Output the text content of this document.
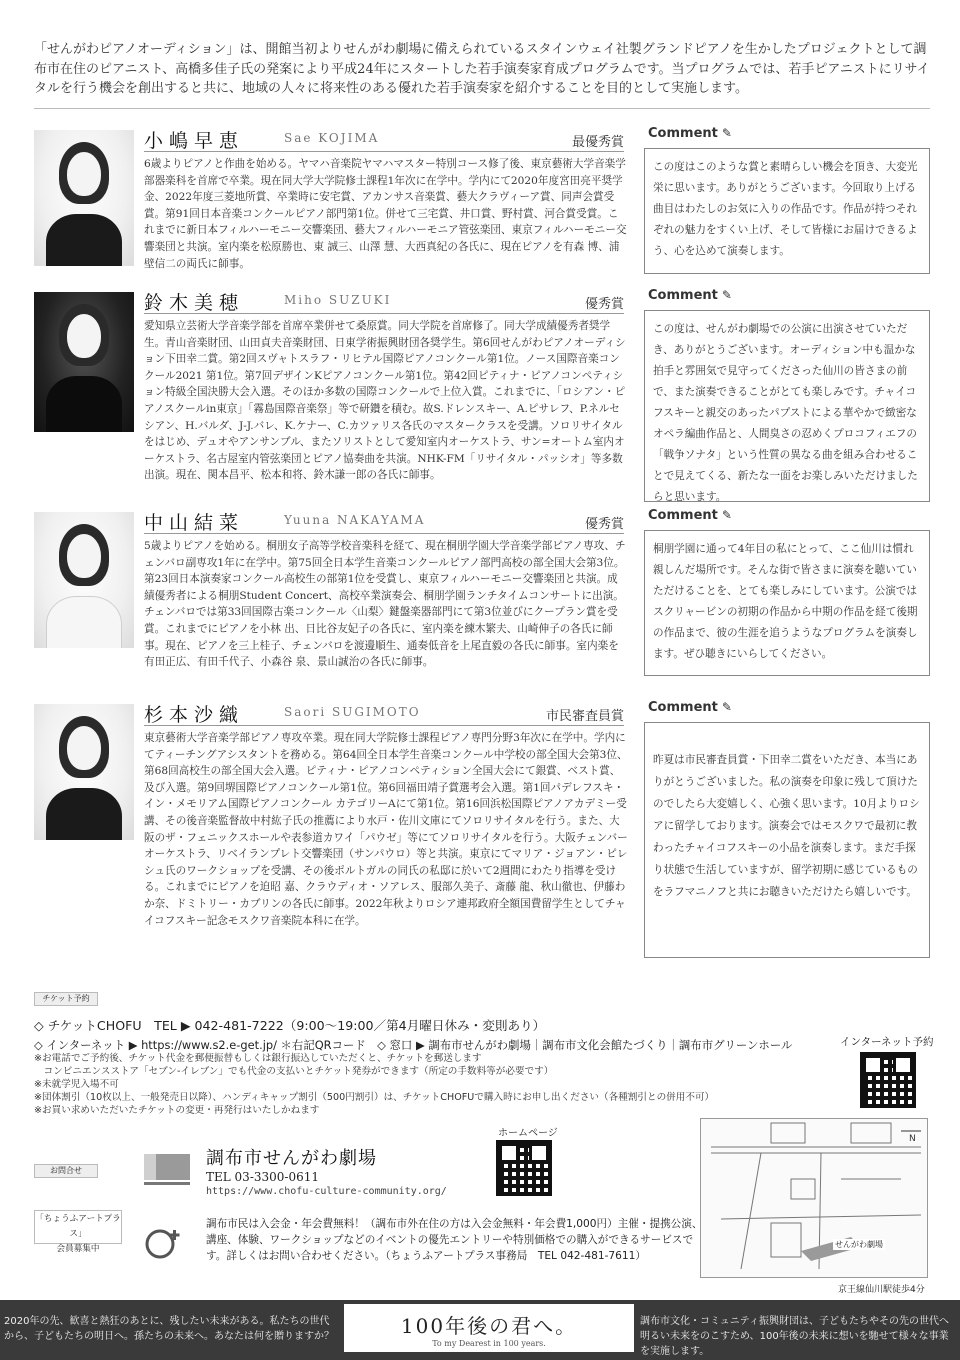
「せんがわピアノオーディション」は、開館当初よりせんがわ劇場に備えられているスタインウェイ社製グランドピアノを生かしたプロジェクトとして調布市在住のピアニスト、高橋多佳子氏の発案により平成24年にスタートした若手演奏家育成プログラムです。当プログラムでは、若手ピアニストにリサイタルを行う機会を創出すると共に、地域の人々に将来性のある優れた若手演奏家を紹介することを目的として実施します。

小嶋早恵	Sae KOJIMA	最優秀賞

6歳よりピアノと作曲を始める。ヤマハ音楽院ヤマハマスター特別コース修了後、東京藝術大学音楽学部器楽科を首席で卒業。現在同大学大学院修士課程1年次に在学中。学内にて2020年度宮田亮平奨学金、2022年度三菱地所賞、卒業時に安宅賞、アカンサス音楽賞、藝大クラヴィーア賞、同声会賞受賞。第91回日本音楽コンクールピアノ部門第1位。併せて三宅賞、井口賞、野村賞、河合賞受賞。これまでに新日本フィルハーモニー交響楽団、藝大フィルハーモニア管弦楽団、東京フィルハーモニー交響楽団と共演。室内楽を松原勝也、東 誠三、山澤 慧、大西真紀の各氏に、現在ピアノを有森 博、浦壁信二の両氏に師事。

Comment ✎

この度はこのような賞と素晴らしい機会を頂き、大変光栄に思います。ありがとうございます。今回取り上げる曲目はわたしのお気に入りの作品です。作品が持つそれぞれの魅力をすくい上げ、そして皆様にお届けできるよう、心を込めて演奏します。

鈴木美穂	Miho SUZUKI	優秀賞

愛知県立芸術大学音楽学部を首席卒業併せて桑原賞。同大学院を首席修了。同大学成績優秀者奨学生。青山音楽財団、山田貞夫音楽財団、日東学術振興財団各奨学生。第6回せんがわピアノオーディション下田幸二賞。第2回スヴャトスラフ・リヒテル国際ピアノコンクール第1位。ノース国際音楽コンクール2021 第1位。第7回デザインKピアノコンクール第1位。第42回ピティナ・ピアノコンペティション特級全国決勝大会入選。そのほか多数の国際コンクールで上位入賞。これまでに、「ロシアン・ピアノスクールin東京」「霧島国際音楽祭」等で研鑽を積む。故S.ドレンスキー、A.ピサレフ、P.ネルセシアン、H.バルダ、J-J.バレ、K.ケナー、C.カツァリス各氏のマスタークラスを受講。ソロリサイタルをはじめ、デュオやアンサンブル、またソリストとして愛知室内オーケストラ、サン=オートム室内オーケストラ、名古屋室内管弦楽団とピアノ協奏曲を共演。NHK-FM「リサイタル・パッシオ」等多数出演。現在、関本昌平、松本和将、鈴木謙一郎の各氏に師事。

Comment ✎

この度は、せんがわ劇場での公演に出演させていただき、ありがとうございます。オーディション中も温かな拍手と雰囲気で見守ってくださった仙川の皆さまの前で、また演奏できることがとても楽しみです。チャイコフスキーと親交のあったパプストによる華やかで緻密なオペラ編曲作品と、人間臭さの忍めくプロコフィエフの「戦争ソナタ」という性質の異なる曲を組み合わせることで見えてくる、新たな一面をお楽しみいただけましたらと思います。

中山結菜	Yuuna NAKAYAMA	優秀賞

5歳よりピアノを始める。桐朋女子高等学校音楽科を経て、現在桐朋学園大学音楽学部ピアノ専攻、チェンバロ副専攻1年に在学中。第75回全日本学生音楽コンクールピアノ部門高校の部全国大会第3位。第23回日本演奏家コンクール高校生の部第1位を受賞し、東京フィルハーモニー交響楽団と共演。成績優秀者による桐朋Student Concert、高校卒業演奏会、桐朋学園ランチタイムコンサートに出演。チェンバロでは第33回国際古楽コンクール〈山梨〉鍵盤楽器部門にて第3位並びにクープラン賞を受賞。これまでにピアノを小林 出、日比谷友妃子の各氏に、室内楽を練木繁夫、山崎伸子の各氏に師事。現在、ピアノを三上桂子、チェンバロを渡邊順生、通奏低音を上尾直毅の各氏に師事。室内楽を有田正広、有田千代子、小森谷 泉、景山誠治の各氏に師事。

Comment ✎

桐朋学園に通って4年目の私にとって、ここ仙川は慣れ親しんだ場所です。そんな街で皆さまに演奏を聴いていただけることを、とても楽しみにしています。公演ではスクリャービンの初期の作品から中期の作品を経て後期の作品まで、彼の生涯を追うようなプログラムを演奏します。ぜひ聴きにいらしてください。

杉本沙織	Saori SUGIMOTO	市民審査員賞

東京藝術大学音楽学部ピアノ専攻卒業。現在同大学院修士課程ピアノ専門分野3年次に在学中。学内にてティーチングアシスタントを務める。第64回全日本学生音楽コンクール中学校の部全国大会第3位、第68回高校生の部全国大会入選。ピティナ・ピアノコンペティション全国大会にて銀賞、ベスト賞、及び入選。第9回堺国際ピアノコンクール第1位。第6回福田靖子賞選考会入選。第1回パデレフスキ・イン・メモリアム国際ピアノコンクール カテゴリーAにて第1位。第16回浜松国際ピアノアカデミー受講、その後音楽監督故中村紘子氏の推薦により水戸・佐川文庫にてソロリサイタルを行う。また、大阪のザ・フェニックスホールや表参道カワイ「パウゼ」等にてソロリサイタルを行う。大阪チェンバーオーケストラ、リベイランプレト交響楽団（サンパウロ）等と共演。東京にてマリア・ジョアン・ピレシュ氏のワークショップを受講、その後ポルトガルの同氏の私邸に於いて2週間にわたり指導を受ける。これまでにピアノを迫昭 嘉、クラウディオ・ソアレス、服部久美子、斎藤 龍、秋山徹也、伊藤わか奈、ドミトリー・カブリンの各氏に師事。2022年秋よりロシア連邦政府全額国費留学生としてチャイコフスキー記念モスクワ音楽院本科に在学。

Comment ✎

昨夏は市民審査員賞・下田幸二賞をいただき、本当にありがとうございました。私の演奏を印象に残して頂けたのでしたら大変嬉しく、心強く思います。10月よりロシアに留学しております。演奏会ではモスクワで最初に教わったチャイコフスキーの小品を演奏します。まだ手探り状態で生活していますが、留学初期に感じているものをラフマニノフと共にお聴きいただけたら嬉しいです。

チケット予約

◇ チケットCHOFU　TEL ▶ 042-481-7222（9:00〜19:00／第4月曜日休み・変則あり）

◇ インターネット ▶ https://www.s2.e-get.jp/ ＊右記QRコード　◇ 窓口 ▶ 調布市せんがわ劇場｜調布市文化会館たづくり｜調布市グリーンホール

※お電話でご予約後、チケット代金を郵便振替もしくは銀行振込していただくと、チケットを郵送します

　コンビニエンスストア「セブン-イレブン」でも代金の支払いとチケット発券ができます（所定の手数料等が必要です）

※未就学児入場不可

※団体割引（10枚以上、一般発売日以降）、ハンディキャップ割引（500円割引）は、チケットCHOFUで購入時にお申し出ください（各種割引との併用不可）

※お買い求めいただいたチケットの変更・再発行はいたしかねます

インターネット予約
お問合せ
調布市せんがわ劇場
TEL 03-3300-0611
https://www.chofu-culture-community.org/
ホームページ	N
せんがわ劇場
京王線仙川駅徒歩4分
「ちょうふアートプラス」
会員募集中

調布市民は入会金・年会費無料！（調布市外在住の方は入会金無料・年会費1,000円）主催・提携公演、講座、体験、ワークショップなどのイベントの優先エントリーや特別価格での購入ができるサービスです。詳しくはお問い合わせください。（ちょうふアートプラス事務局　TEL 042-481-7611）

2020年の先、歓喜と熱狂のあとに、残したい未来がある。私たちの世代から、子どもたちの明日へ。孫たちの未来へ。あなたは何を贈りますか？	100年後の君へ。
To my Dearest in 100 years.

調布市文化・コミュニティ振興財団は、子どもたちやその先の世代へ明るい未来をのこすため、100年後の未来に想いを馳せて様々な事業を実施します。
